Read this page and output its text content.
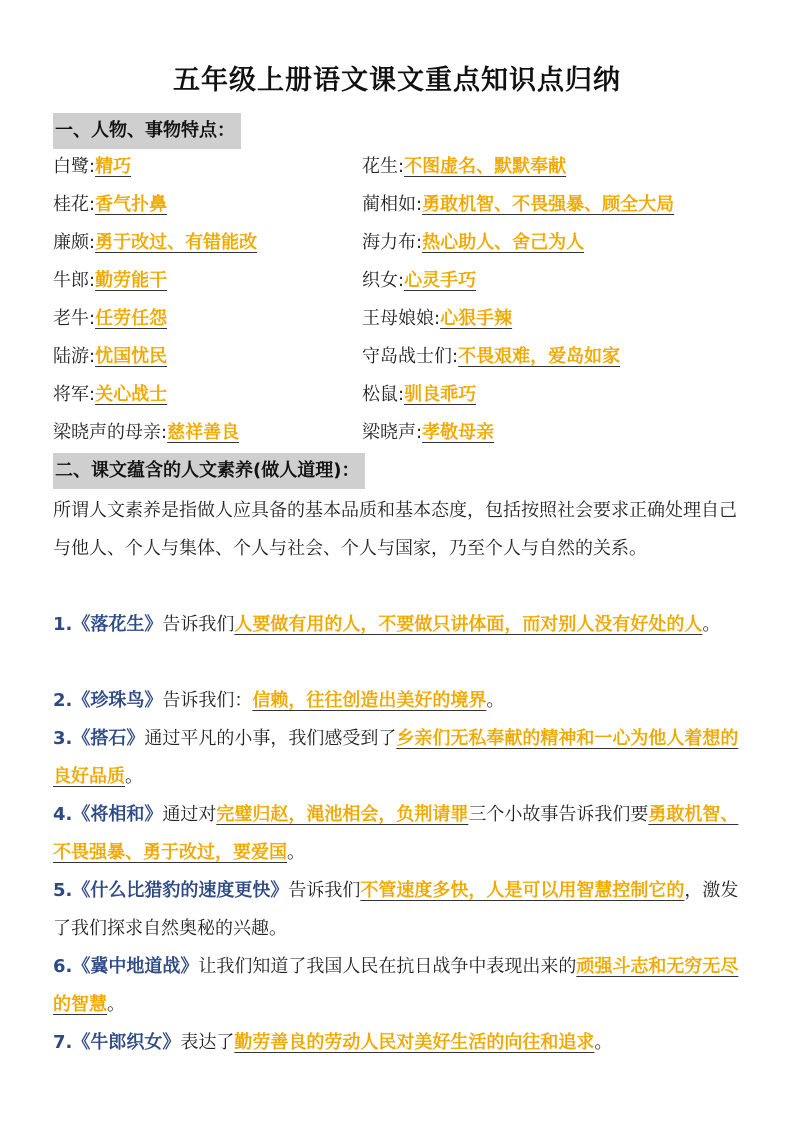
五年级上册语文课文重点知识点归纳
一、人物、事物特点：
白鹭:精巧	花生:不图虚名、默默奉献
桂花:香气扑鼻	蔺相如:勇敢机智、不畏强暴、顾全大局
廉颇:勇于改过、有错能改	海力布:热心助人、舍己为人
牛郎:勤劳能干	织女:心灵手巧
老牛:任劳任怨	王母娘娘:心狠手辣
陆游:忧国忧民	守岛战士们:不畏艰难，爱岛如家
将军:关心战士	松鼠:驯良乖巧
梁晓声的母亲:慈祥善良	梁晓声:孝敬母亲
二、课文蕴含的人文素养(做人道理)：
所谓人文素养是指做人应具备的基本品质和基本态度，包括按照社会要求正确处理自己与他人、个人与集体、个人与社会、个人与国家，乃至个人与自然的关系。
1.《落花生》告诉我们人要做有用的人，不要做只讲体面，而对别人没有好处的人。
2.《珍珠鸟》告诉我们：信赖，往往创造出美好的境界。
3.《搭石》通过平凡的小事，我们感受到了乡亲们无私奉献的精神和一心为他人着想的良好品质。
4.《将相和》通过对完璧归赵，渑池相会，负荆请罪三个小故事告诉我们要勇敢机智、不畏强暴、勇于改过，要爱国。
5.《什么比猎豹的速度更快》告诉我们不管速度多快，人是可以用智慧控制它的，激发了我们探求自然奥秘的兴趣。
6.《冀中地道战》让我们知道了我国人民在抗日战争中表现出来的顽强斗志和无穷无尽的智慧。
7.《牛郎织女》表达了勤劳善良的劳动人民对美好生活的向往和追求。
